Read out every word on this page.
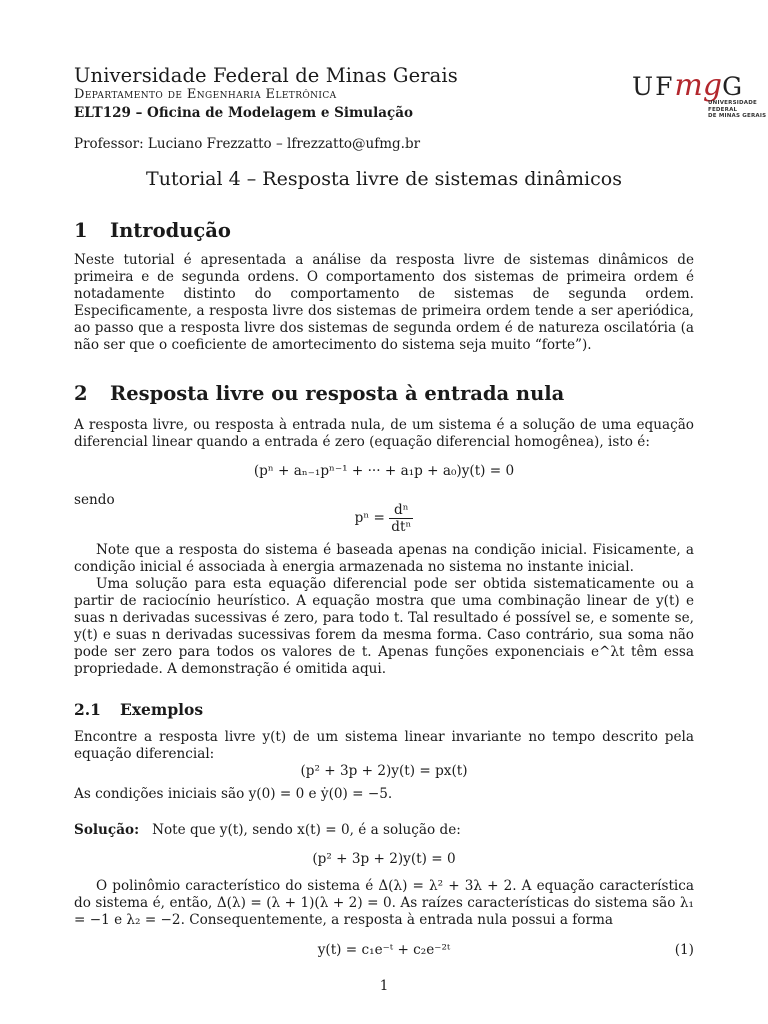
Universidade Federal de Minas Gerais
Departamento de Engenharia Eletrônica
ELT129 – Oficina de Modelagem e Simulação
Professor: Luciano Frezzatto – lfrezzatto@ufmg.br
UFmgG
UNIVERSIDADE FEDERAL
DE MINAS GERAIS
Tutorial 4 – Resposta livre de sistemas dinâmicos
1 Introdução
Neste tutorial é apresentada a análise da resposta livre de sistemas dinâmicos de primeira e de segunda ordens. O comportamento dos sistemas de primeira ordem é notadamente distinto do comportamento de sistemas de segunda ordem. Especificamente, a resposta livre dos sistemas de primeira ordem tende a ser aperiódica, ao passo que a resposta livre dos sistemas de segunda ordem é de natureza oscilatória (a não ser que o coeficiente de amortecimento do sistema seja muito “forte”).
2 Resposta livre ou resposta à entrada nula
A resposta livre, ou resposta à entrada nula, de um sistema é a solução de uma equação diferencial linear quando a entrada é zero (equação diferencial homogênea), isto é:
(pⁿ + aₙ₋₁pⁿ⁻¹ + ··· + a₁p + a₀)y(t) = 0
sendo
$p^n = \frac{\text{dⁿ}}{\text{dtⁿ}}$
Note que a resposta do sistema é baseada apenas na condição inicial. Fisicamente, a condição inicial é associada à energia armazenada no sistema no instante inicial.
Uma solução para esta equação diferencial pode ser obtida sistematicamente ou a partir de raciocínio heurístico. A equação mostra que uma combinação linear de y(t) e suas n derivadas sucessivas é zero, para todo t. Tal resultado é possível se, e somente se, y(t) e suas n derivadas sucessivas forem da mesma forma. Caso contrário, sua soma não pode ser zero para todos os valores de t. Apenas funções exponenciais e^λt têm essa propriedade. A demonstração é omitida aqui.
2.1 Exemplos
Encontre a resposta livre y(t) de um sistema linear invariante no tempo descrito pela equação diferencial:
(p² + 3p + 2)y(t) = px(t)
As condições iniciais são y(0) = 0 e ẏ(0) = −5.
Solução: Note que y(t), sendo x(t) = 0, é a solução de:
(p² + 3p + 2)y(t) = 0
O polinômio característico do sistema é Δ(λ) = λ² + 3λ + 2. A equação característica do sistema é, então, Δ(λ) = (λ + 1)(λ + 2) = 0. As raízes características do sistema são λ₁ = −1 e λ₂ = −2. Consequentemente, a resposta à entrada nula possui a forma
y(t) = c₁e⁻ᵗ + c₂e⁻²ᵗ	(1)
1
